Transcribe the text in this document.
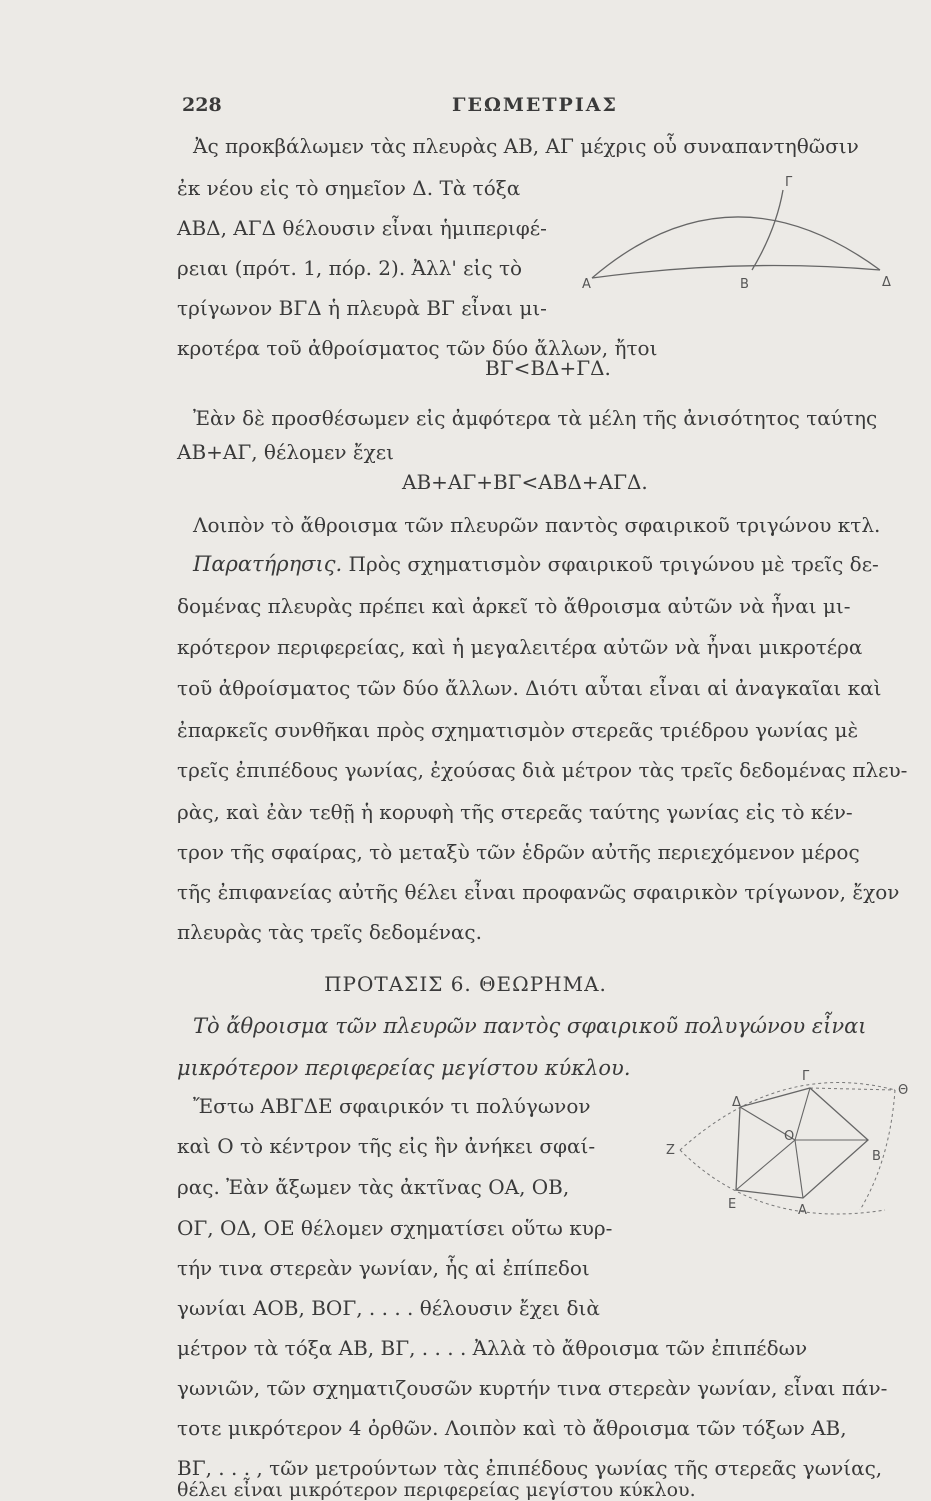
228	ΓΕΩΜΕΤΡΙΑΣ
Ἀς προκβάλωμεν τὰς πλευρὰς ΑΒ, ΑΓ μέχρις οὗ συναπαντηθῶσιν
ἐκ νέου εἰς τὸ σημεῖον Δ. Τὰ τόξα
ΑΒΔ, ΑΓΔ θέλουσιν εἶναι ἡμιπεριφέ-
ρειαι (πρότ. 1, πόρ. 2). Ἀλλ' εἰς τὸ
τρίγωνον ΒΓΔ ἡ πλευρὰ ΒΓ εἶναι μι-
κροτέρα τοῦ ἀθροίσματος τῶν δύο ἄλλων, ἤτοι
ΒΓ<ΒΔ+ΓΔ.
Ἐὰν δὲ προσθέσωμεν εἰς ἀμφότερα τὰ μέλη τῆς ἀνισότητος ταύτης
ΑΒ+ΑΓ, θέλομεν ἔχει
ΑΒ+ΑΓ+ΒΓ<ΑΒΔ+ΑΓΔ.
Λοιπὸν τὸ ἄθροισμα τῶν πλευρῶν παντὸς σφαιρικοῦ τριγώνου κτλ.
Γ
Α	Β	Δ
Παρατήρησις. Πρὸς σχηματισμὸν σφαιρικοῦ τριγώνου μὲ τρεῖς δε-
δομένας πλευρὰς πρέπει καὶ ἀρκεῖ τὸ ἄθροισμα αὐτῶν νὰ ἦναι μι-
κρότερον περιφερείας, καὶ ἡ μεγαλειτέρα αὐτῶν νὰ ἦναι μικροτέρα
τοῦ ἀθροίσματος τῶν δύο ἄλλων. Διότι αὗται εἶναι αἱ ἀναγκαῖαι καὶ
ἐπαρκεῖς συνθῆκαι πρὸς σχηματισμὸν στερεᾶς τριέδρου γωνίας μὲ
τρεῖς ἐπιπέδους γωνίας, ἐχούσας διὰ μέτρον τὰς τρεῖς δεδομένας πλευ-
ρὰς, καὶ ἐὰν τεθῇ ἡ κορυφὴ τῆς στερεᾶς ταύτης γωνίας εἰς τὸ κέν-
τρον τῆς σφαίρας, τὸ μεταξὺ τῶν ἑδρῶν αὐτῆς περιεχόμενον μέρος
τῆς ἐπιφανείας αὐτῆς θέλει εἶναι προφανῶς σφαιρικὸν τρίγωνον, ἔχον
πλευρὰς τὰς τρεῖς δεδομένας.
ΠΡΟΤΑΣΙΣ 6. ΘΕΩΡΗΜΑ.
Τὸ ἄθροισμα τῶν πλευρῶν παντὸς σφαιρικοῦ πολυγώνου εἶναι
μικρότερον περιφερείας μεγίστου κύκλου.
Ἔστω ΑΒΓΔΕ σφαιρικόν τι πολύγωνον
καὶ Ο τὸ κέντρον τῆς εἰς ἣν ἀνήκει σφαί-
ρας. Ἐὰν ἄξωμεν τὰς ἀκτῖνας ΟΑ, ΟΒ,
ΟΓ, ΟΔ, ΟΕ θέλομεν σχηματίσει οὕτω κυρ-
τήν τινα στερεὰν γωνίαν, ἧς αἱ ἐπίπεδοι
γωνίαι ΑΟΒ, ΒΟΓ, . . . . θέλουσιν ἔχει διὰ
μέτρον τὰ τόξα ΑΒ, ΒΓ, . . . . Ἀλλὰ τὸ ἄθροισμα τῶν ἐπιπέδων
γωνιῶν, τῶν σχηματιζουσῶν κυρτήν τινα στερεὰν γωνίαν, εἶναι πάν-
τοτε μικρότερον 4 ὀρθῶν. Λοιπὸν καὶ τὸ ἄθροισμα τῶν τόξων ΑΒ,
ΒΓ, . . . , τῶν μετρούντων τὰς ἐπιπέδους γωνίας τῆς στερεᾶς γωνίας,
θέλει εἶναι μικρότερον περιφερείας μεγίστου κύκλου.
Γ
Θ
Δ
Ζ
Ο
Β
Ε	Α
